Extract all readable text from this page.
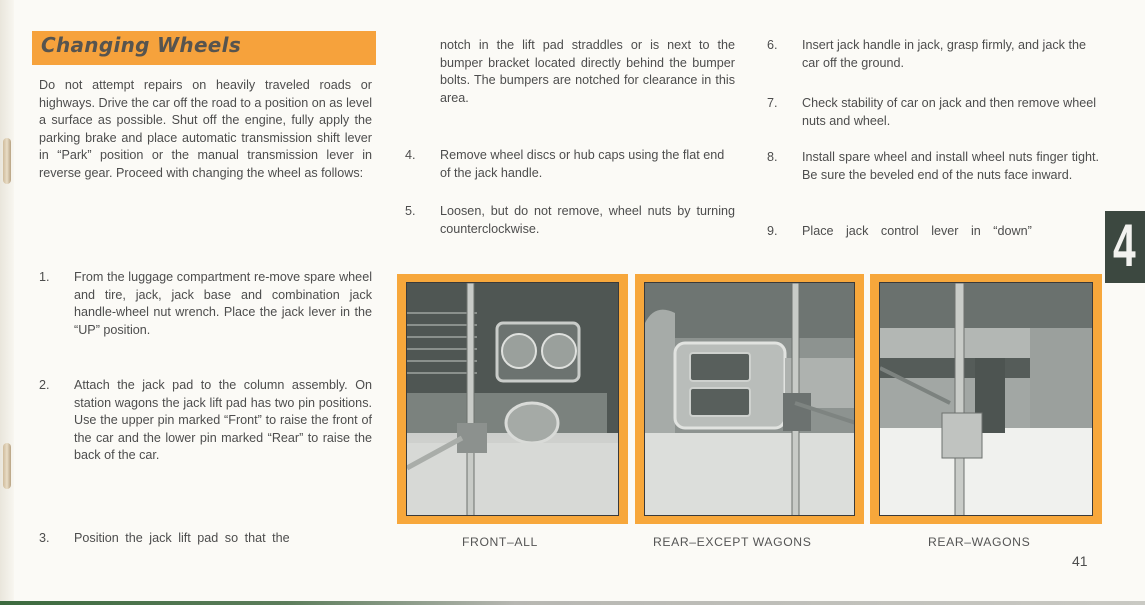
Changing Wheels

Do not attempt repairs on heavily traveled roads or highways. Drive the car off the road to a position on as level a surface as possible. Shut off the engine, fully apply the parking brake and place automatic transmission shift lever in “Park” position or the manual transmission lever in reverse gear. Proceed with changing the wheel as follows:

1. From the luggage compartment re-move spare wheel and tire, jack, jack base and combination jack handle-wheel nut wrench. Place the jack lever in the “UP” position.
2. Attach the jack pad to the column assembly. On station wagons the jack lift pad has two pin positions. Use the upper pin marked “Front” to raise the front of the car and the lower pin marked “Rear” to raise the back of the car.
3. Position the jack lift pad so that the
notch in the lift pad straddles or is next to the bumper bracket located directly behind the bumper bolts. The bumpers are notched for clearance in this area.
4. Remove wheel discs or hub caps using the flat end of the jack handle.
5. Loosen, but do not remove, wheel nuts by turning counterclockwise.
6. Insert jack handle in jack, grasp firmly, and jack the car off the ground.
7. Check stability of car on jack and then remove wheel nuts and wheel.
8. Install spare wheel and install wheel nuts finger tight. Be sure the beveled end of the nuts face inward.
9. Place jack control lever in “down”	4
FRONT–ALL	REAR–EXCEPT WAGONS	REAR–WAGONS
41
